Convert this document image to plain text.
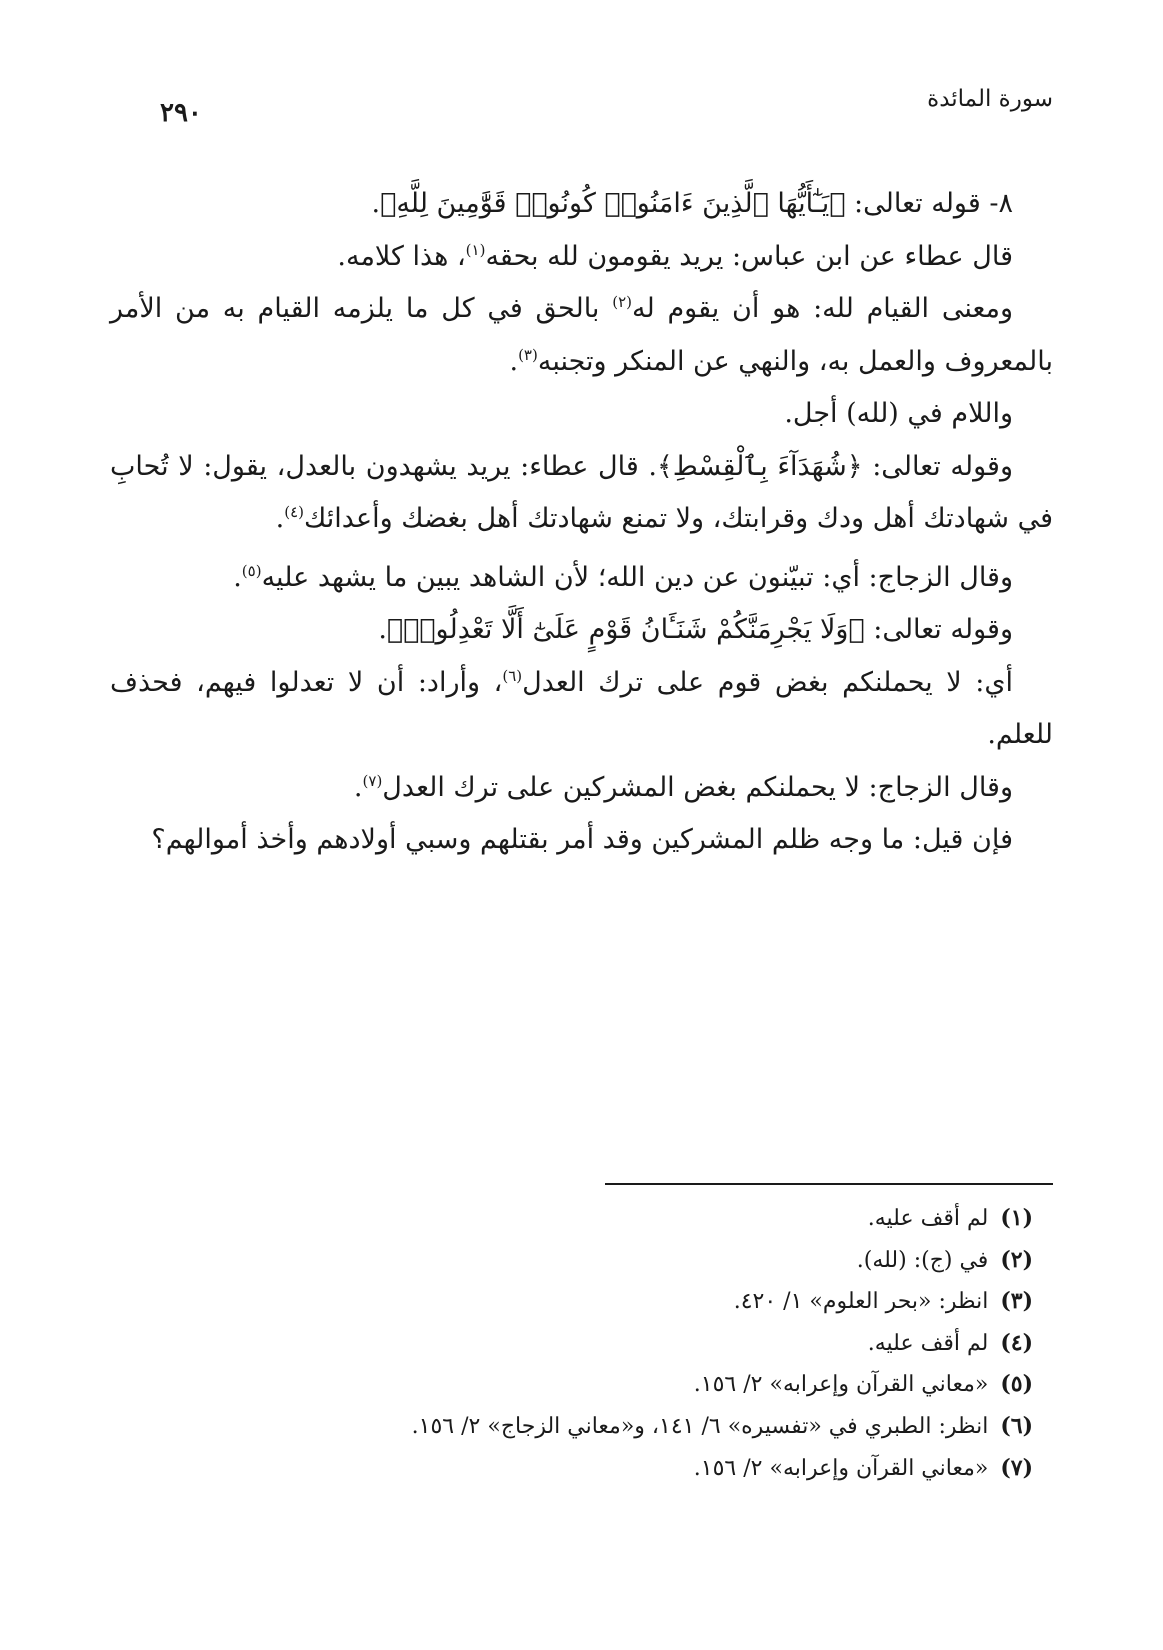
سورة المائدة
٢٩٠

٨- قوله تعالى: ﴿يَـٰٓأَيُّهَا ٱلَّذِينَ ءَامَنُوا۟ كُونُوا۟ قَوَّٰمِينَ لِلَّهِ﴾.

قال عطاء عن ابن عباس: يريد يقومون لله بحقه$^{(١)}$، هذا كلامه.

ومعنى القيام لله: هو أن يقوم له$^{(٢)}$ بالحق في كل ما يلزمه القيام به من الأمر بالمعروف والعمل به، والنهي عن المنكر وتجنبه$^{(٣)}$.

واللام في (لله) أجل.

وقوله تعالى: ﴿شُهَدَآءَ بِٱلْقِسْطِ﴾. قال عطاء: يريد يشهدون بالعدل، يقول: لا تُحابِ في شهادتك أهل ودك وقرابتك، ولا تمنع شهادتك أهل بغضك وأعدائك$^{(٤)}$.

وقال الزجاج: أي: تبيّنون عن دين الله؛ لأن الشاهد يبين ما يشهد عليه$^{(٥)}$.

وقوله تعالى: ﴿وَلَا يَجْرِمَنَّكُمْ شَنَـَٔانُ قَوْمٍ عَلَىٰٓ أَلَّا تَعْدِلُوا۟﴾.

أي: لا يحملنكم بغض قوم على ترك العدل$^{(٦)}$، وأراد: أن لا تعدلوا فيهم، فحذف للعلم.

وقال الزجاج: لا يحملنكم بغض المشركين على ترك العدل$^{(٧)}$.

فإن قيل: ما وجه ظلم المشركين وقد أمر بقتلهم وسبي أولادهم وأخذ أموالهم؟

(١)لم أقف عليه.
(٢)في (ج): (لله).
(٣)انظر: «بحر العلوم» ١/ ٤٢٠.
(٤)لم أقف عليه.
(٥)«معاني القرآن وإعرابه» ٢/ ١٥٦.
(٦)انظر: الطبري في «تفسيره» ٦/ ١٤١، و«معاني الزجاج» ٢/ ١٥٦.
(٧)«معاني القرآن وإعرابه» ٢/ ١٥٦.
